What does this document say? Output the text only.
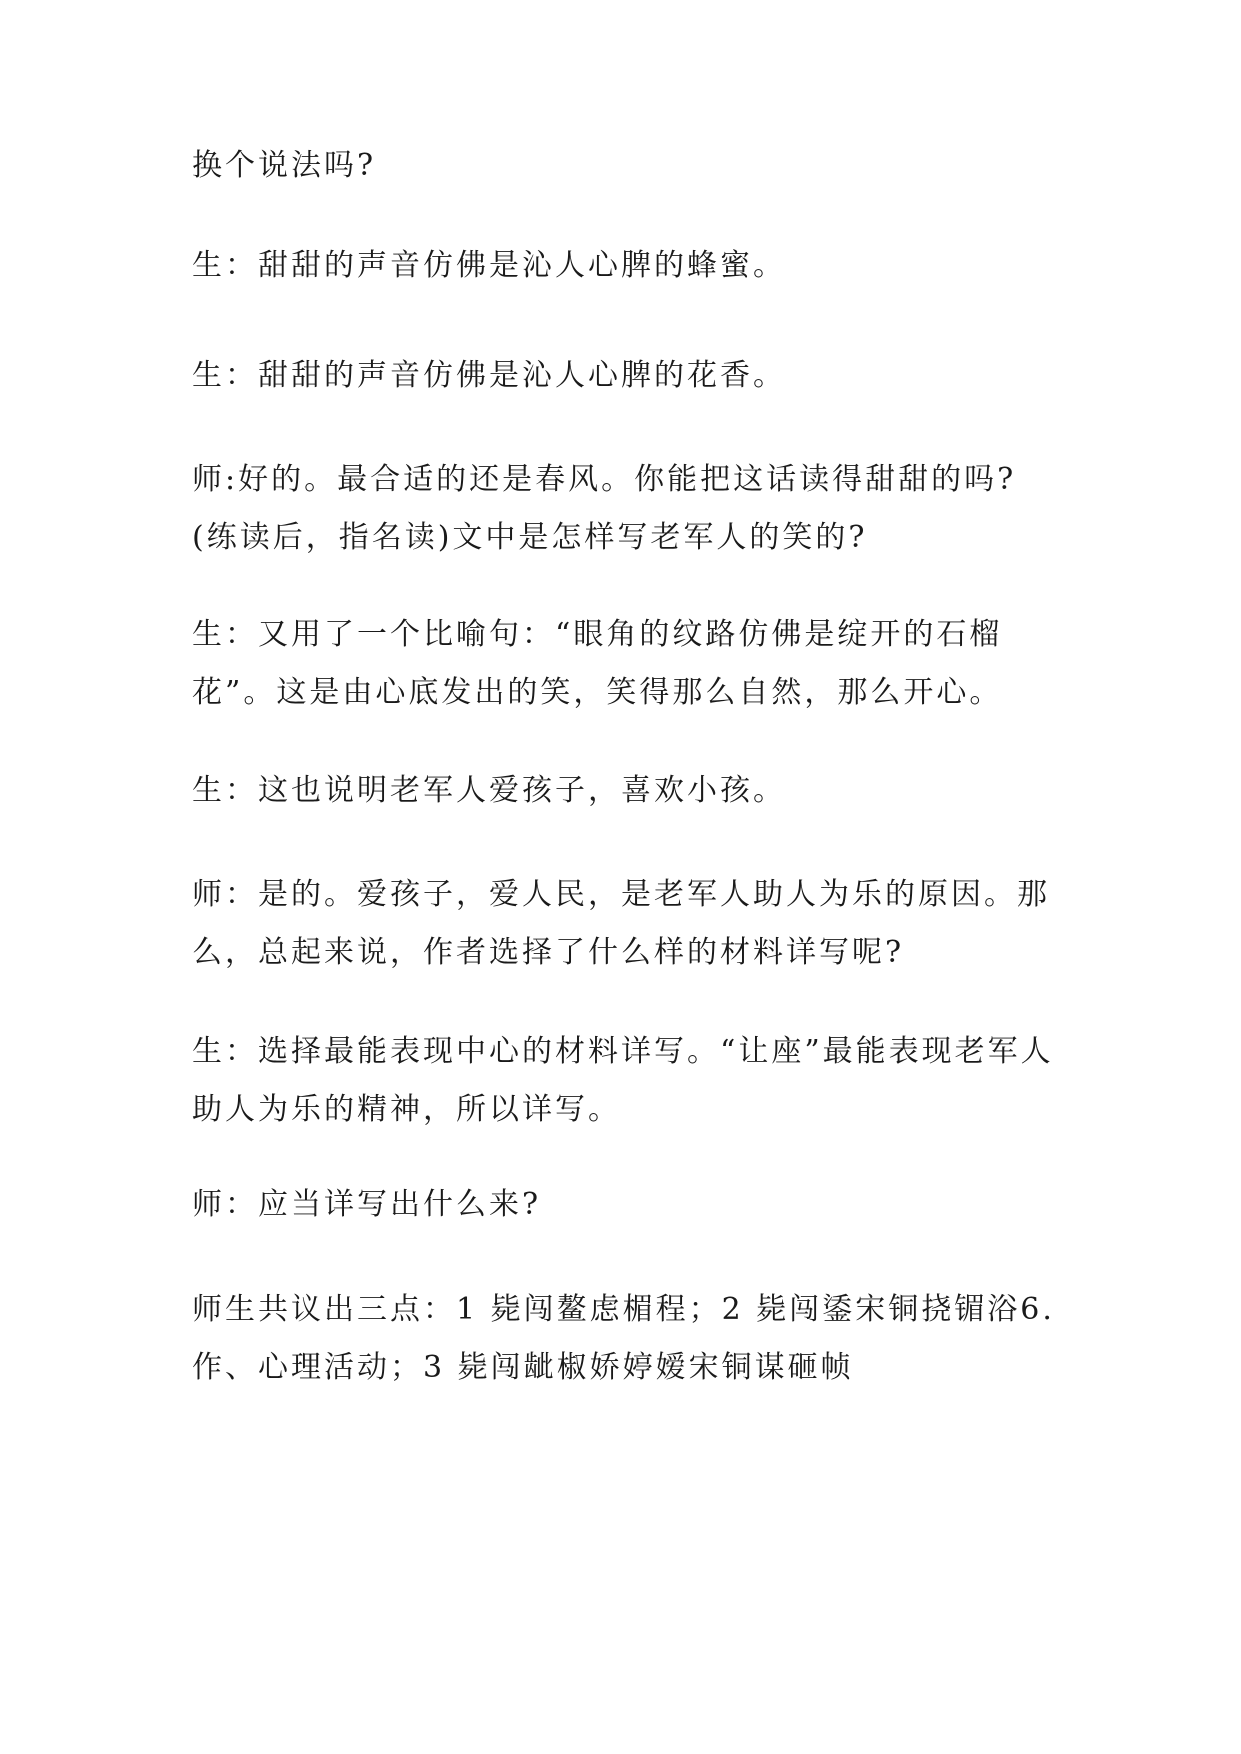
换个说法吗?

生：甜甜的声音仿佛是沁人心脾的蜂蜜。

生：甜甜的声音仿佛是沁人心脾的花香。

师:好的。最合适的还是春风。你能把这话读得甜甜的吗?(练读后，指名读)文中是怎样写老军人的笑的?

生：又用了一个比喻句：“眼角的纹路仿佛是绽开的石榴花”。这是由心底发出的笑，笑得那么自然，那么开心。

生：这也说明老军人爱孩子，喜欢小孩。

师：是的。爱孩子，爱人民，是老军人助人为乐的原因。那么，总起来说，作者选择了什么样的材料详写呢?

生：选择最能表现中心的材料详写。“让座”最能表现老军人助人为乐的精神，所以详写。

师：应当详写出什么来?

师生共议出三点：1 毙闯鳌虑楣程；2 毙闯鋈宋铜挠镅浴6.作、心理活动；3 毙闯龇椒娇婷嫒宋铜谋砸帧
